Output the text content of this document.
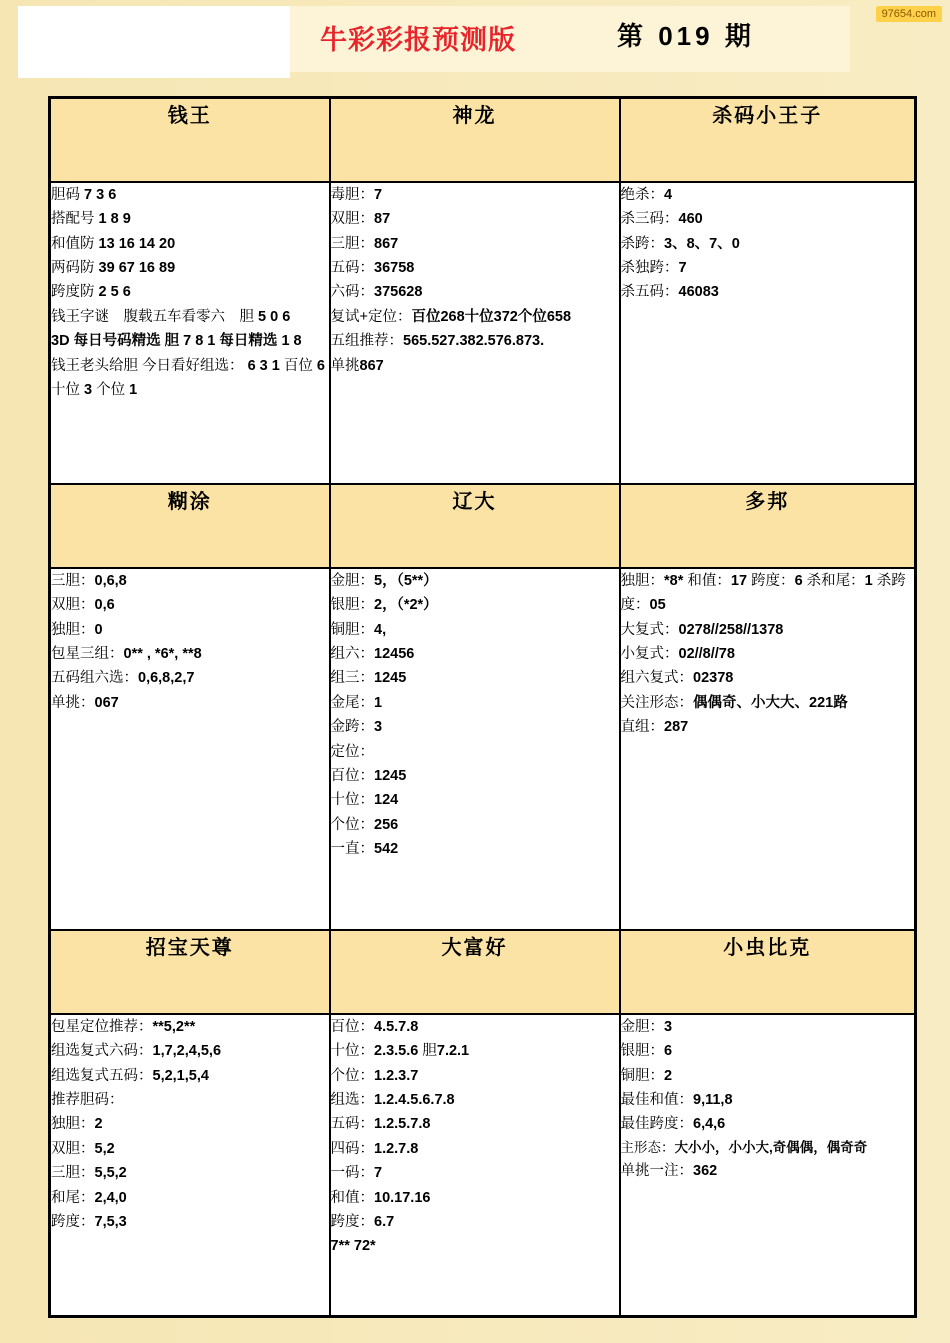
牛彩彩报预测版	第 019 期
97654.com
钱王	神龙	杀码小王子

胆码 7 3 6
搭配号 1 8 9
和值防 13 16 14 20
两码防 39 67 16 89
跨度防 2 5 6
钱王字谜　腹载五车看零六　胆 5 0 6
3D 每日号码精选 胆 7 8 1 每日精选 1 8
钱王老头给胆 今日看好组选： 6 3 1 百位 6 十位 3 个位 1

毒胆：7
双胆：87
三胆：867
五码：36758
六码：375628
复试+定位：百位268十位372个位658
五组推荐：565.527.382.576.873.
单挑867

绝杀：4
杀三码：460
杀跨：3、8、7、0
杀独跨：7
杀五码：46083

糊涂	辽大	多邦

三胆：0,6,8
双胆：0,6
独胆：0
包星三组：0** , *6*, **8
五码组六选：0,6,8,2,7
单挑：067

金胆：5，（5**）
银胆：2，（*2*）
铜胆：4,
组六：12456
组三：1245
金尾：1
金跨：3
定位：
百位：1245
十位：124
个位：256
一直：542

独胆：*8* 和值：17 跨度：6 杀和尾：1 杀跨度：05
大复式：0278//258//1378
小复式：02//8//78
组六复式：02378
关注形态：偶偶奇、小大大、221路
直组：287

招宝天尊	大富好	小虫比克

包星定位推荐：**5,2**
组选复式六码：1,7,2,4,5,6
组选复式五码：5,2,1,5,4
推荐胆码：
独胆：2
双胆：5,2
三胆：5,5,2
和尾：2,4,0
跨度：7,5,3

百位：4.5.7.8
十位：2.3.5.6 胆7.2.1
个位：1.2.3.7
组选：1.2.4.5.6.7.8
五码：1.2.5.7.8
四码：1.2.7.8
一码：7
和值：10.17.16
跨度：6.7
7** 72*

金胆：3
银胆：6
铜胆：2
最佳和值：9,11,8
最佳跨度：6,4,6
主形态：大小小，小小大,奇偶偶，偶奇奇
单挑一注：362
